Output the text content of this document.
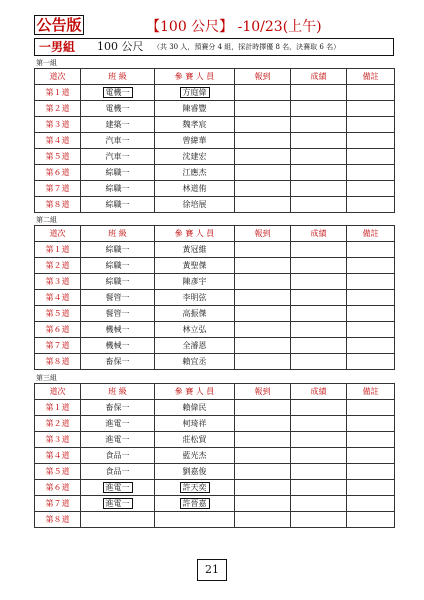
公告版	【100 公尺】 -10/23(上午)
一男組 100 公尺 （共 30 人，預賽分 4 組，採計時擇優 8 名，決賽取 6 名）
第一組
道次	班 級	參 賽 人 員	報到	成績	備註
第１道	電機一	方庭偉			
第２道	電機一	陳睿豐			
第３道	建築一	魏孝宸			
第４道	汽車一	曾緯華			
第５道	汽車一	沈建宏			
第６道	綜職一	江應杰			
第７道	綜職一	林道侑			
第８道	綜職一	徐培展			
第二組
道次	班 級	參 賽 人 員	報到	成績	備註
第１道	綜職一	黃冠維			
第２道	綜職一	黃聖傑			
第３道	綜職一	陳彥宇			
第４道	餐管一	李明弦			
第５道	餐管一	高振傑			
第６道	機械一	林立弘			
第７道	機械一	全濬恩			
第８道	畜保一	賴宜丞			
第三組
道次	班 級	參 賽 人 員	報到	成績	備註
第１道	畜保一	賴偉民			
第２道	進電一	柯琦祥			
第３道	進電一	莊松貿			
第４道	食品一	藍光杰			
第５道	食品一	劉嘉俊			
第６道	進電一	許天奕			
第７道	進電一	許晉嘉			
第８道					
21
